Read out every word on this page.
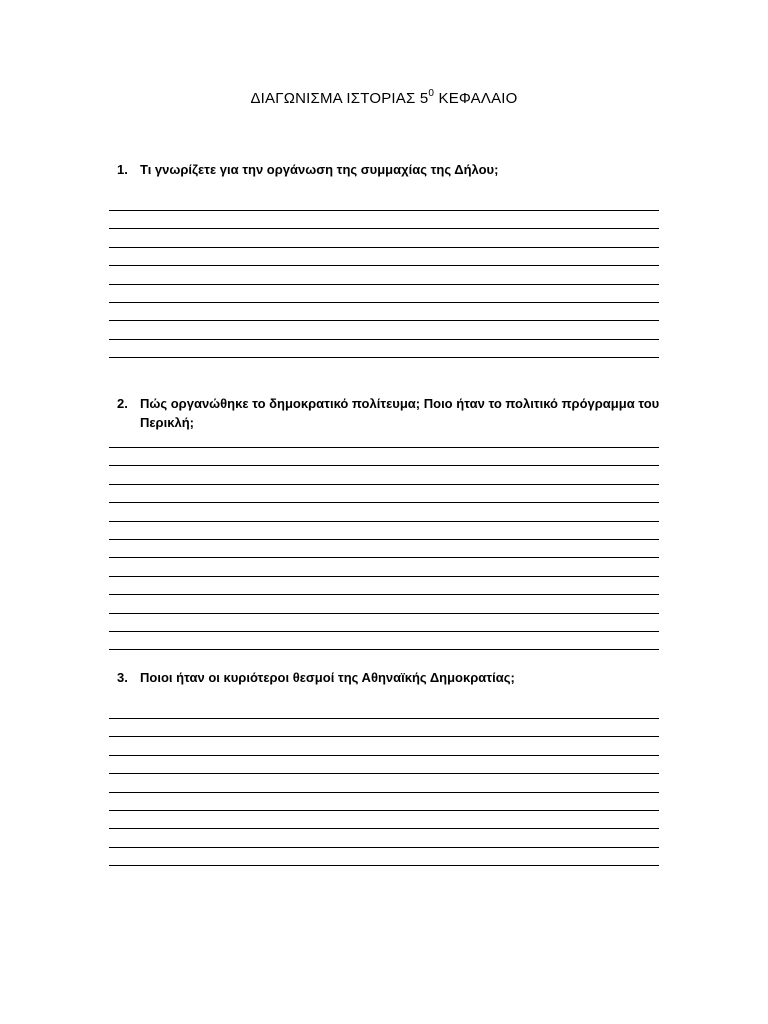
ΔΙΑΓΩΝΙΣΜΑ ΙΣΤΟΡΙΑΣ $5^0$ ΚΕΦΑΛΑΙΟ
1. Τι γνωρίζετε για την οργάνωση της συμμαχίας της Δήλου;
2. Πώς οργανώθηκε το δημοκρατικό πολίτευμα; Ποιο ήταν το πολιτικό πρόγραμμα του Περικλή;
3. Ποιοι ήταν οι κυριότεροι θεσμοί της Αθηναϊκής Δημοκρατίας;
